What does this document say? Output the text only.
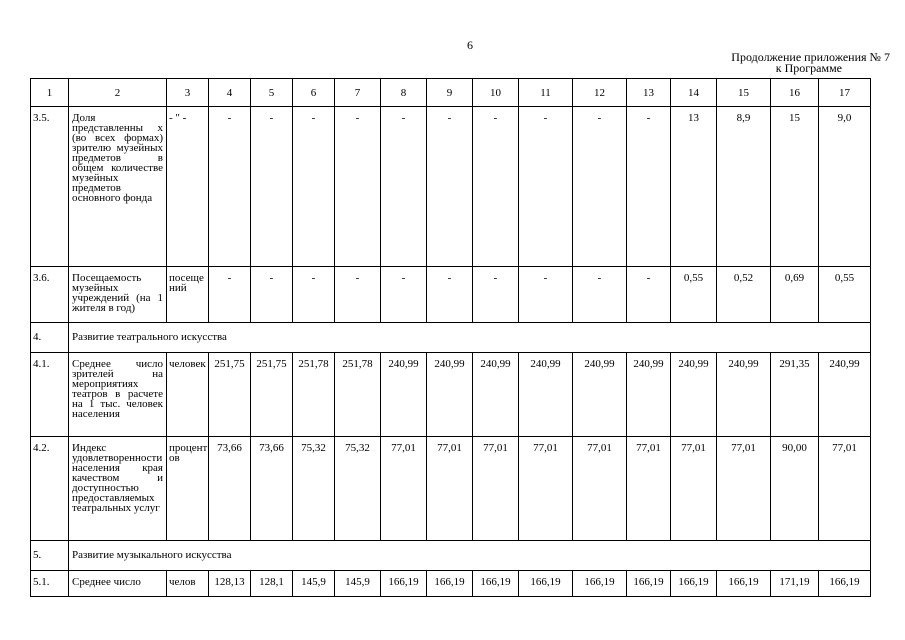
6
Продолжение приложения № 7
к Программе
1	2	3	4	5	6	7	8	9	10	11	12	13	14	15	16	17
3.5.	Доля представленны х (во всех формах) зрителю музейных предметов в общем количестве музейных предметов основного фонда	- " -	-	-	-	-	-	-	-	-	-	-	13	8,9	15	9,0
3.6.	Посещаемость музейных учреждений (на 1 жителя в год)	посещений	-	-	-	-	-	-	-	-	-	-	0,55	0,52	0,69	0,55
4.	Развитие театрального искусства															
4.1.	Среднее число зрителей на мероприятиях театров в расчете на 1 тыс. человек населения	человек	251,75	251,75	251,78	251,78	240,99	240,99	240,99	240,99	240,99	240,99	240,99	240,99	291,35	240,99
4.2.	Индекс удовлетворенности населения края качеством и доступностью предоставляемых театральных услуг	процентов	73,66	73,66	75,32	75,32	77,01	77,01	77,01	77,01	77,01	77,01	77,01	77,01	90,00	77,01
5.	Развитие музыкального искусства															
5.1.	Среднее число	челов	128,13	128,1	145,9	145,9	166,19	166,19	166,19	166,19	166,19	166,19	166,19	166,19	171,19	166,19
